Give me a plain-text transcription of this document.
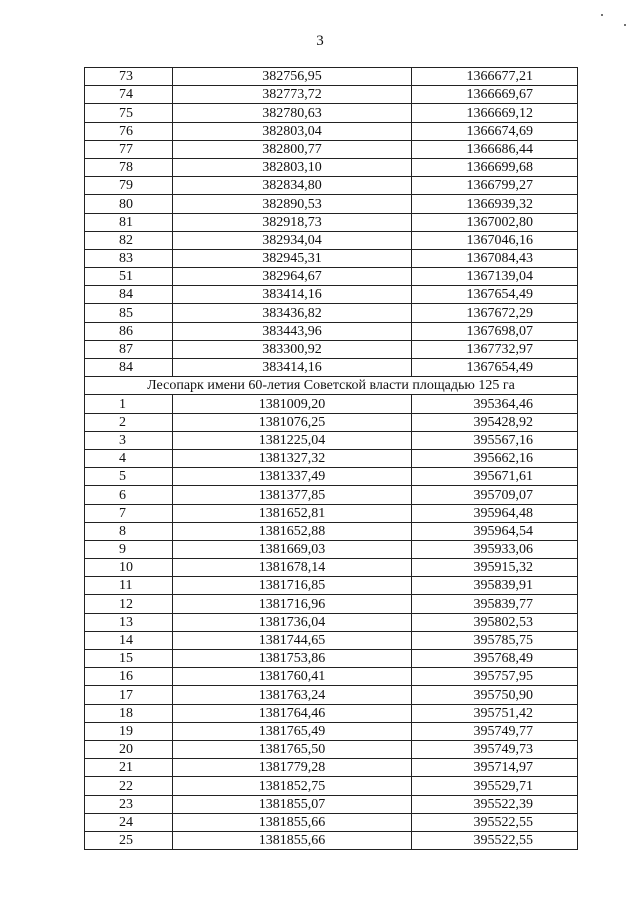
3
73	382756,95	1366677,21
74	382773,72	1366669,67
75	382780,63	1366669,12
76	382803,04	1366674,69
77	382800,77	1366686,44
78	382803,10	1366699,68
79	382834,80	1366799,27
80	382890,53	1366939,32
81	382918,73	1367002,80
82	382934,04	1367046,16
83	382945,31	1367084,43
51	382964,67	1367139,04
84	383414,16	1367654,49
85	383436,82	1367672,29
86	383443,96	1367698,07
87	383300,92	1367732,97
84	383414,16	1367654,49
Лесопарк имени 60-летия Советской власти площадью 125 га		
1	1381009,20	395364,46
2	1381076,25	395428,92
3	1381225,04	395567,16
4	1381327,32	395662,16
5	1381337,49	395671,61
6	1381377,85	395709,07
7	1381652,81	395964,48
8	1381652,88	395964,54
9	1381669,03	395933,06
10	1381678,14	395915,32
11	1381716,85	395839,91
12	1381716,96	395839,77
13	1381736,04	395802,53
14	1381744,65	395785,75
15	1381753,86	395768,49
16	1381760,41	395757,95
17	1381763,24	395750,90
18	1381764,46	395751,42
19	1381765,49	395749,77
20	1381765,50	395749,73
21	1381779,28	395714,97
22	1381852,75	395529,71
23	1381855,07	395522,39
24	1381855,66	395522,55
25	1381855,66	395522,55
